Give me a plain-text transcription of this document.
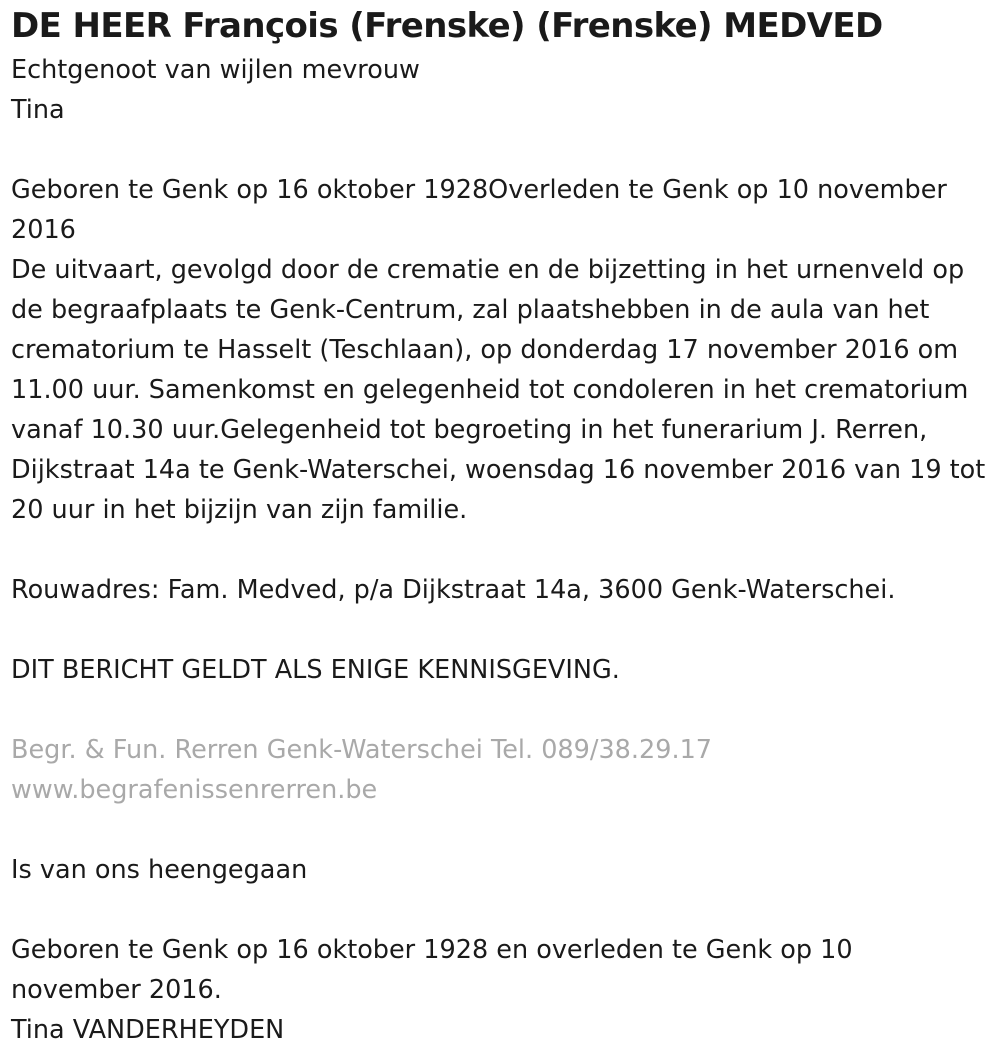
DE HEER François (Frenske) (Frenske) MEDVED

Echtgenoot van wijlen mevrouw

Tina

Geboren te Genk op 16 oktober 1928Overleden te Genk op 10 november 2016

De uitvaart, gevolgd door de crematie en de bijzetting in het urnenveld op de begraafplaats te Genk-Centrum, zal plaatshebben in de aula van het crematorium te Hasselt (Teschlaan), op donderdag 17 november 2016 om 11.00 uur. Samenkomst en gelegenheid tot condoleren in het crematorium vanaf 10.30 uur.Gelegenheid tot begroeting in het funerarium J. Rerren, Dijkstraat 14a te Genk-Waterschei, woensdag 16 november 2016 van 19 tot 20 uur in het bijzijn van zijn familie.

Rouwadres: Fam. Medved, p/a Dijkstraat 14a, 3600 Genk-Waterschei.

DIT BERICHT GELDT ALS ENIGE KENNISGEVING.

Begr. & Fun. Rerren Genk-Waterschei Tel. 089/38.29.17

www.begrafenissenrerren.be

Is van ons heengegaan

Geboren te Genk op 16 oktober 1928 en overleden te Genk op 10 november 2016.

Tina VANDERHEYDEN
